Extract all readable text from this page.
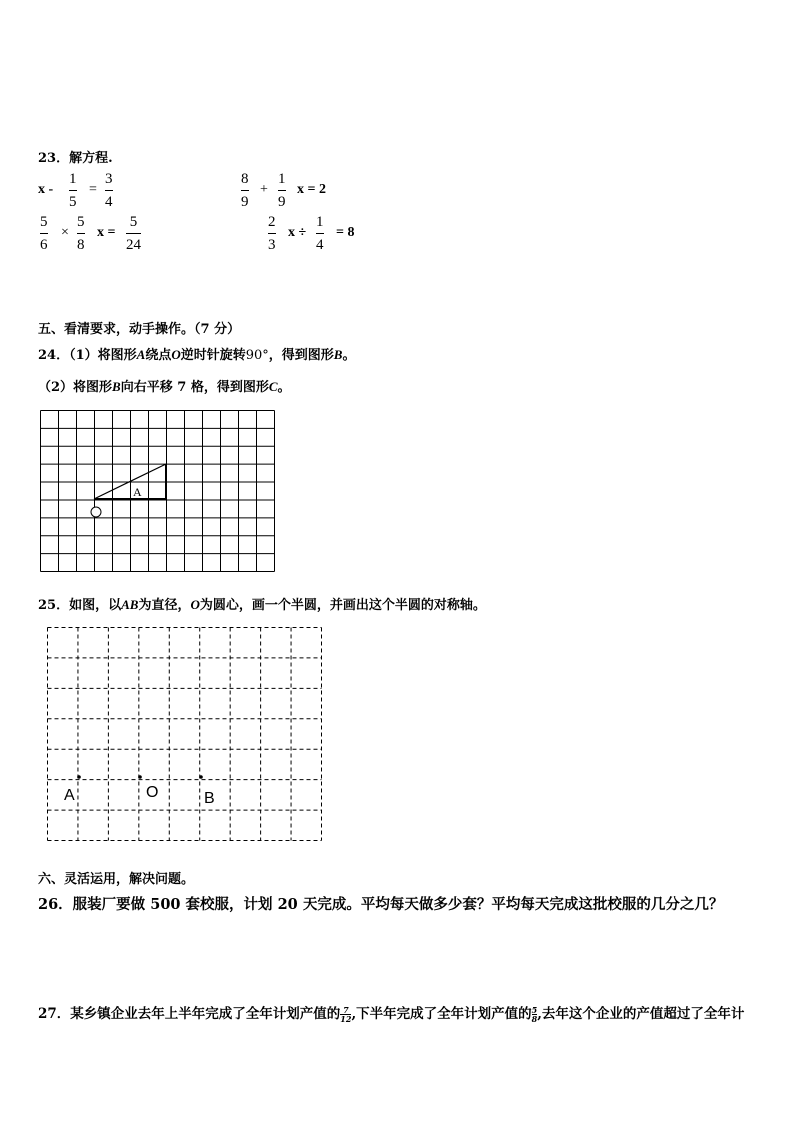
23．解方程.
x -
1
5
=
3
4
8
9
+
1
9
x = 2
5
6
×
5
8
x =
5
24
2
3
x ÷
1
4
= 8
五、看清要求，动手操作。（7 分）
24．（1）将图形A绕点O逆时针旋转90°，得到图形B。
（2）将图形B向右平移 7 格，得到图形C。
A
25．如图，以AB为直径，O为圆心，画一个半圆，并画出这个半圆的对称轴。
A	O	B
六、灵活运用，解决问题。
26．服装厂要做 500 套校服，计划 20 天完成。平均每天做多少套？平均每天完成这批校服的几分之几？
27．某乡镇企业去年上半年完成了全年计划产值的 $\frac{7}{12}$ ,下半年完成了全年计划产值的 $\frac{5}{8}$ ,去年这个企业的产值超过了全年计
